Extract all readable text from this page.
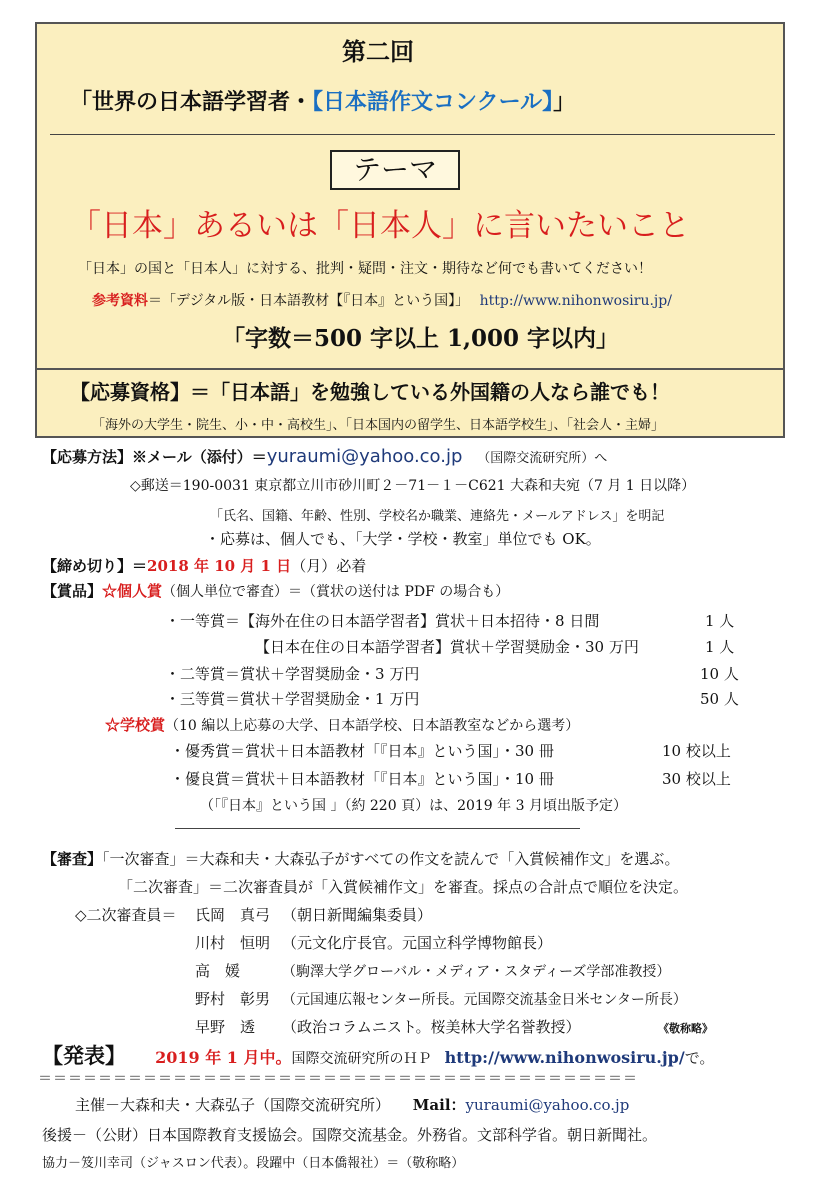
第二回
「世界の日本語学習者・【日本語作文コンクール】」
テーマ
「日本」あるいは「日本人」に言いたいこと
「日本」の国と「日本人」に対する、批判・疑問・注文・期待など何でも書いてください！
参考資料＝「デジタル版・日本語教材【『日本』という国】」 http://www.nihonwosiru.jp/
「字数＝500 字以上 1,000 字以内」
【応募資格】＝「日本語」を勉強している外国籍の人なら誰でも！
「海外の大学生・院生、小・中・高校生」、「日本国内の留学生、日本語学校生」、「社会人・主婦」
【応募方法】※メール（添付）＝yuraumi@yahoo.co.jp （国際交流研究所）へ
◇郵送＝190-0031 東京都立川市砂川町２－71－１－C621 大森和夫宛（7 月 1 日以降）
「氏名、国籍、年齢、性別、学校名か職業、連絡先・メールアドレス」を明記
・応募は、個人でも、「大学・学校・教室」単位でも OK。
【締め切り】＝2018 年 10 月 1 日（月）必着
【賞品】☆個人賞（個人単位で審査）＝（賞状の送付は PDF の場合も）
・一等賞＝【海外在住の日本語学習者】賞状＋日本招待・8 日間	1 人
【日本在住の日本語学習者】賞状＋学習奨励金・30 万円	1 人
・二等賞＝賞状＋学習奨励金・3 万円	10 人
・三等賞＝賞状＋学習奨励金・1 万円	50 人
☆学校賞（10 編以上応募の大学、日本語学校、日本語教室などから選考）
・優秀賞＝賞状＋日本語教材「『日本』という国」・30 冊	10 校以上
・優良賞＝賞状＋日本語教材「『日本』という国」・10 冊	30 校以上
（「『日本』という国 」（約 220 頁）は、2019 年 3 月頃出版予定）
【審査】「一次審査」＝大森和夫・大森弘子がすべての作文を読んで「入賞候補作文」を選ぶ。
「二次審査」＝二次審査員が「入賞候補作文」を審査。採点の合計点で順位を決定。
◇二次審査員＝ 氏岡　真弓 （朝日新聞編集委員）
川村　恒明 （元文化庁長官。元国立科学博物館長）
高　媛	（駒澤大学グローバル・メディア・スタディーズ学部准教授）
野村　彰男 （元国連広報センター所長。元国際交流基金日米センター所長）
早野　透 （政治コラムニスト。桜美林大学名誉教授）	《敬称略》
【発表】 2019 年 1 月中。国際交流研究所のＨＰ http://www.nihonwosiru.jp/で。
＝＝＝＝＝＝＝＝＝＝＝＝＝＝＝＝＝＝＝＝＝＝＝＝＝＝＝＝＝＝＝＝＝＝＝＝＝＝＝＝
主催－大森和夫・大森弘子（国際交流研究所） Mail：yuraumi@yahoo.co.jp
後援－（公財）日本国際教育支援協会。国際交流基金。外務省。文部科学省。朝日新聞社。
協力－笈川幸司（ジャスロン代表）。段躍中（日本僑報社）＝（敬称略）
